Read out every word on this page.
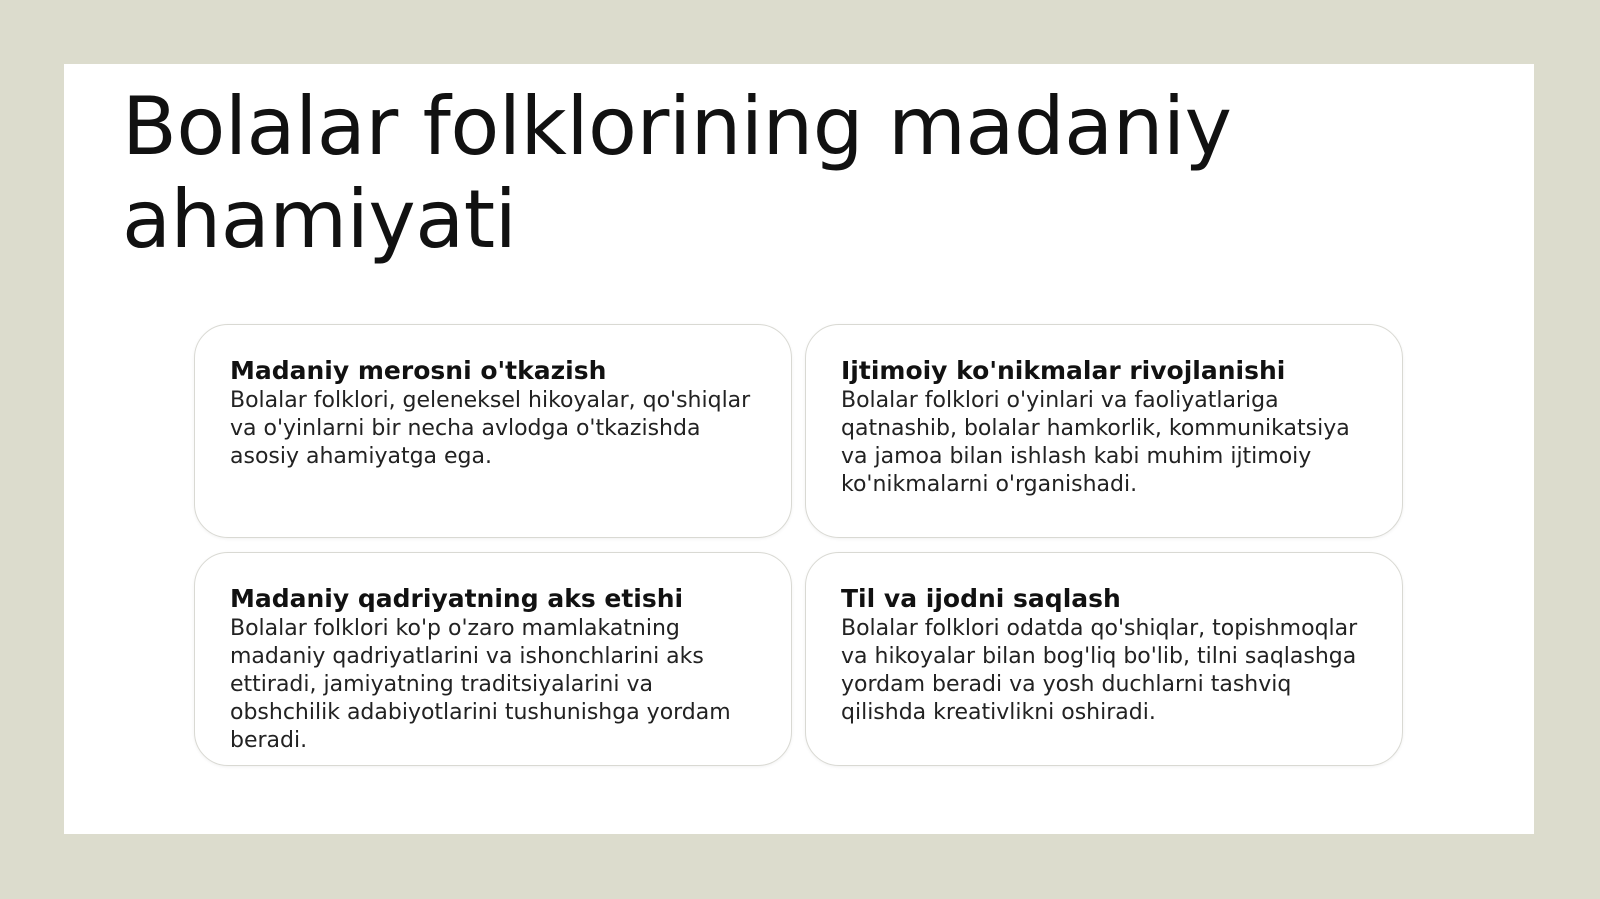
Bolalar folklorining madaniy ahamiyati

Madaniy merosni o'tkazish

Bolalar folklori, geleneksel hikoyalar, qo'shiqlar va o'yinlarni bir necha avlodga o'tkazishda asosiy ahamiyatga ega.

Ijtimoiy ko'nikmalar rivojlanishi

Bolalar folklori o'yinlari va faoliyatlariga qatnashib, bolalar hamkorlik, kommunikatsiya va jamoa bilan ishlash kabi muhim ijtimoiy ko'nikmalarni o'rganishadi.

Madaniy qadriyatning aks etishi

Bolalar folklori ko'p o'zaro mamlakatning madaniy qadriyatlarini va ishonchlarini aks ettiradi, jamiyatning traditsiyalarini va obshchilik adabiyotlarini tushunishga yordam beradi.

Til va ijodni saqlash

Bolalar folklori odatda qo'shiqlar, topishmoqlar va hikoyalar bilan bog'liq bo'lib, tilni saqlashga yordam beradi va yosh duchlarni tashviq qilishda kreativlikni oshiradi.
